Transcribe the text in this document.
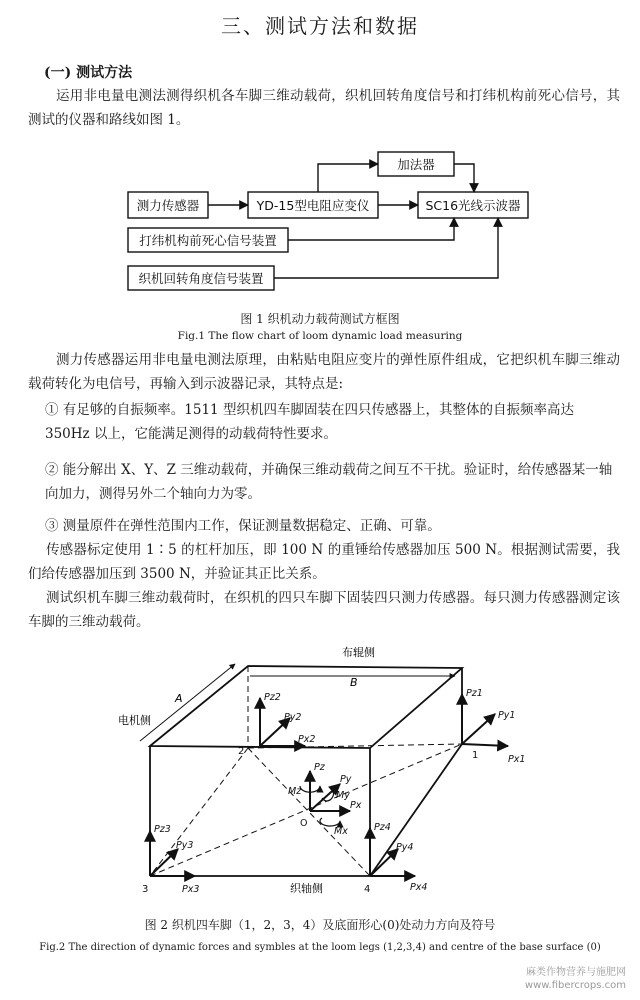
三、测试方法和数据
(一) 测试方法
运用非电量电测法测得织机各车脚三维动载荷，织机回转角度信号和打纬机构前死心信号，其测试的仪器和路线如图 1。
测力传感器	YD-15型电阻应变仪
加法器
SC16光线示波器
打纬机构前死心信号装置
织机回转角度信号装置
图 1 织机动力载荷测试方框图
Fig.1 The flow chart of loom dynamic load measuring
测力传感器运用非电量电测法原理，由粘贴电阻应变片的弹性原件组成，它把织机车脚三维动载荷转化为电信号，再输入到示波器记录，其特点是:
① 有足够的自振频率。1511 型织机四车脚固装在四只传感器上，其整体的自振频率高达 350Hz 以上，它能满足测得的动载荷特性要求。
② 能分解出 X、Y、Z 三维动载荷，并确保三维动载荷之间互不干扰。验证时，给传感器某一轴向加力，测得另外二个轴向力为零。
③ 测量原件在弹性范围内工作，保证测量数据稳定、正确、可靠。
传感器标定使用 1∶5 的杠杆加压，即 100 N 的重锤给传感器加压 500 N。根据测试需要，我们给传感器加压到 3500 N，并验证其正比关系。
测试织机车脚三维动载荷时，在织机的四只车脚下固装四只测力传感器。每只测力传感器测定该车脚的三维动载荷。
B
A
布辊侧
电机侧
织轴侧
Pz1
Py1
Px1
1
Pz2
Py2
Px2
2
Pz3
Py3
Px3
3
Pz4
Py4
Px4
4
Pz
Py
Px
Mz	My
Mx
O
图 2 织机四车脚（1，2，3，4）及底面形心(0)处动力方向及符号
Fig.2 The direction of dynamic forces and symbles at the loom legs (1,2,3,4) and centre of the base surface (0)
麻类作物营养与施肥网
www.fibercrops.com
